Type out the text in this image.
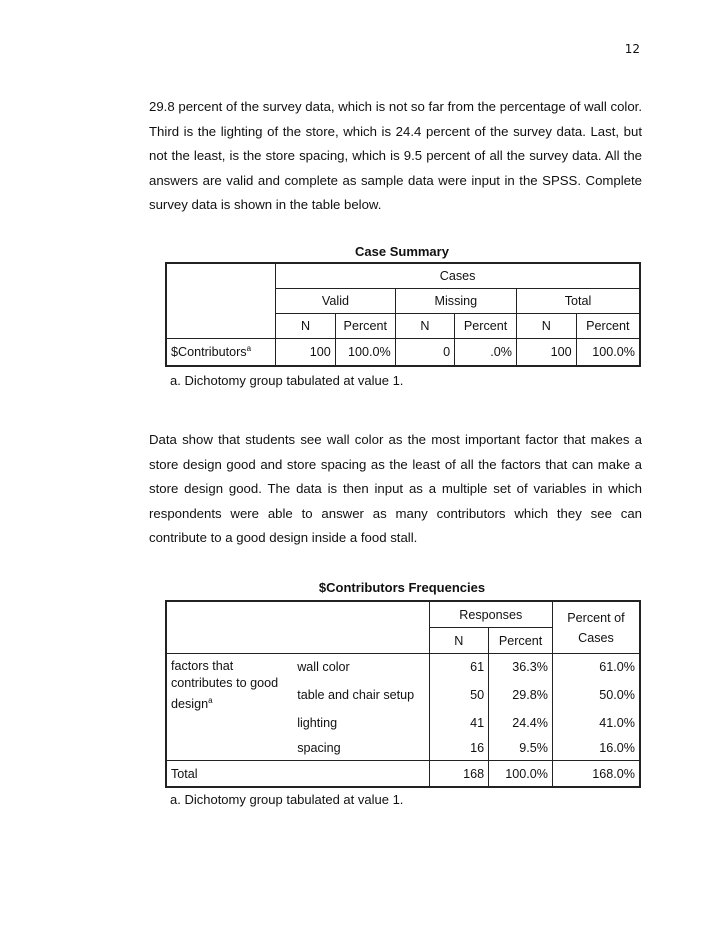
12

29.8 percent of the survey data, which is not so far from the percentage of wall color. Third is the lighting of the store, which is 24.4 percent of the survey data. Last, but not the least, is the store spacing, which is 9.5 percent of all the survey data. All the answers are valid and complete as sample data were input in the SPSS. Complete survey data is shown in the table below.

Case Summary
	Cases					
	Valid		Missing		Total	
	N	Percent	N	Percent	N	Percent
$Contributors$^a$	100	100.0%	0	.0%	100	100.0%
a. Dichotomy group tabulated at value 1.

Data show that students see wall color as the most important factor that makes a store design good and store spacing as the least of all the factors that can make a store design good. The data is then input as a multiple set of variables in which respondents were able to answer as many contributors which they see can contribute to a good design inside a food stall.

$Contributors Frequencies
		Responses		Percent of Cases
		N	Percent	
factors that contributes to good design$^a$	wall color	61	36.3%	61.0%
	table and chair setup	50	29.8%	50.0%
	lighting	41	24.4%	41.0%
	spacing	16	9.5%	16.0%
Total		168	100.0%	168.0%
a. Dichotomy group tabulated at value 1.
